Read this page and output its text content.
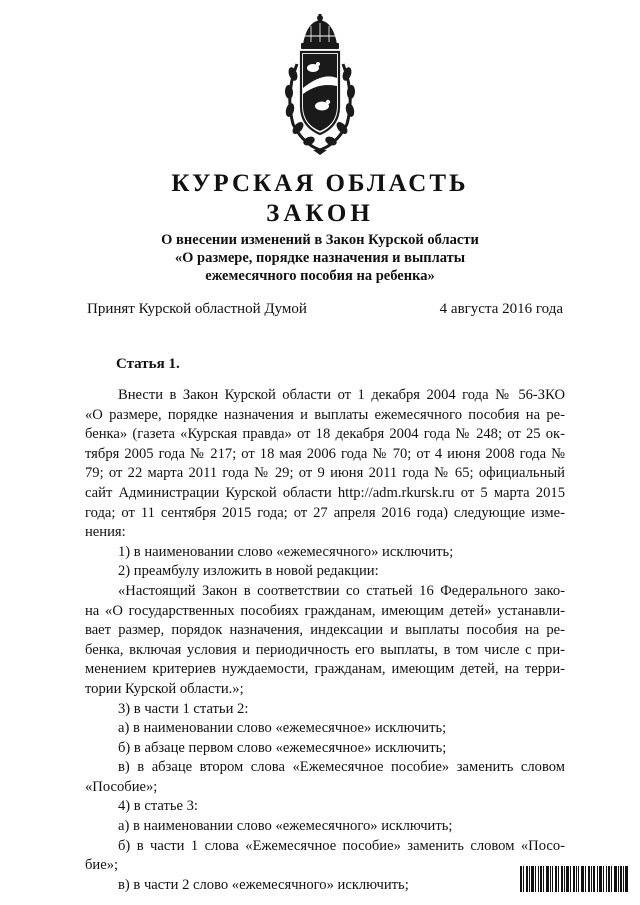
КУРСКАЯ ОБЛАСТЬ
ЗАКОН
О внесении изменений в Закон Курской области
«О размере, порядке назначения и выплаты
ежемесячного пособия на ребенка»
Принят Курской областной Думой	4 августа 2016 года
Статья 1.
Внести в Закон Курской области от 1 декабря 2004 года № 56-ЗКО
«О размере, порядке назначения и выплаты ежемесячного пособия на ре-
бенка» (газета «Курская правда» от 18 декабря 2004 года № 248; от 25 ок-
тября 2005 года № 217; от 18 мая 2006 года № 70; от 4 июня 2008 года №
79; от 22 марта 2011 года № 29; от 9 июня 2011 года № 65; официальный
сайт Администрации Курской области http://adm.rkursk.ru от 5 марта 2015
года; от 11 сентября 2015 года; от 27 апреля 2016 года) следующие изме-
нения:
1) в наименовании слово «ежемесячного» исключить;
2) преамбулу изложить в новой редакции:
«Настоящий Закон в соответствии со статьей 16 Федерального зако-
на «О государственных пособиях гражданам, имеющим детей» устанавли-
вает размер, порядок назначения, индексации и выплаты пособия на ре-
бенка, включая условия и периодичность его выплаты, в том числе с при-
менением критериев нуждаемости, гражданам, имеющим детей, на терри-
тории Курской области.»;
3) в части 1 статьи 2:
а) в наименовании слово «ежемесячное» исключить;
б) в абзаце первом слово «ежемесячное» исключить;
в) в абзаце втором слова «Ежемесячное пособие» заменить словом
«Пособие»;
4) в статье 3:
а) в наименовании слово «ежемесячного» исключить;
б) в части 1 слова «Ежемесячное пособие» заменить словом «Посо-
бие»;
в) в части 2 слово «ежемесячного» исключить;
